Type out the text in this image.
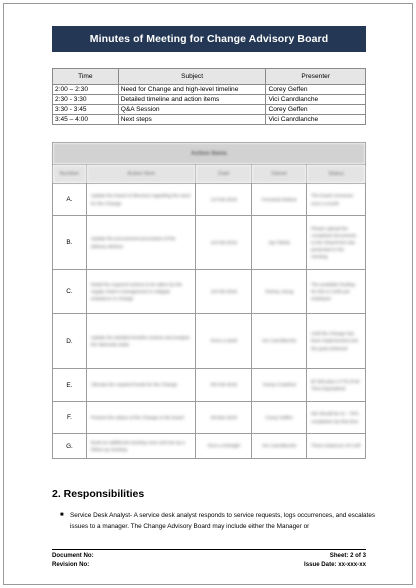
Minutes of Meeting for Change Advisory Board
Time	Subject	Presenter
2:00 – 2:30	Need for Change and high-level timeline	Corey Geffen
2:30 - 3:30	Detailed timeline and action items	Vici Canrdlanche
3:30 - 3:45	Q&A Session	Corey Geffen
3:45 – 4:00	Next steps	Vici Canrdlanche
Action Items				
Number	Action Item	Date	Owner	Status
A.	Update the board of directors regarding the need for the Change	14-Feb-2018	Fernando Bolivar	The board convenes once a month
B.	Update the procurement processes of the delivery division	16-Feb-2018	Jay Toledo	Please upload the completed documents to the SharePoint site presented in the meeting
C.	Detail the required actions to be taken by the supply chain's management to mitigate resistance to change	16-Feb-2018	Tommy Joong	The available funding for this is 3,000 per employee
D.	Update the detailed timeline actions and analyze the late/early tasks	Once a week	Vici Canrdlanche	Until the Change has been implemented and the goal achieved
E.	Allocate the required funds for the Change	09-Feb-2018	Honey Crawford	$7,500 plus 3 FTE (Full-Time Equivalent)
F.	Present the status of the Change to the board	09-Mar-2018	Corey Geffen	We should be at ~ 75% completion by that time
G.	Book an additional meeting room and set up a follow-up meeting	Once a fortnight	Vici Canrdlanche	Three instances of it will
2. Responsibilities
■ Service Desk Analyst- A service desk analyst responds to service requests, logs occurrences, and escalates issues to a manager. The Change Advisory Board may include either the Manager or
Document No:	Sheet: 2 of 3
Revision No:	Issue Date: xx-xxx-xx
